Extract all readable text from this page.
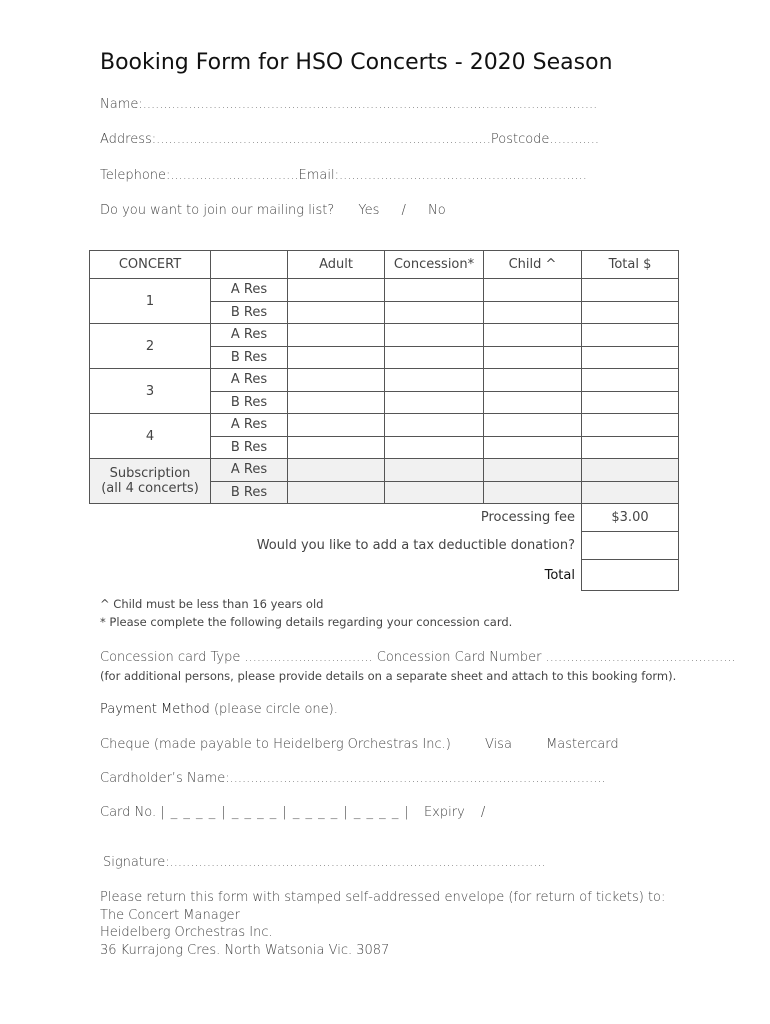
Booking Form for HSO Concerts - 2020 Season
Name:..............................................................................................................
Address:.................................................................................Postcode............
Telephone:...............................Email:............................................................
Do you want to join our mailing list? Yes / No
CONCERT		Adult	Concession*	Child ^	Total $
1	A Res				
	B Res				
2	A Res				
	B Res				
3	A Res				
	B Res				
4	A Res				
	B Res				

Subscription
(all 4 concerts)	A Res				
	B Res				
Processing fee					$3.00
Would you like to add a tax deductible donation?					
Total					
^ Child must be less than 16 years old
* Please complete the following details regarding your concession card.
Concession card Type ............................... Concession Card Number ..............................................
(for additional persons, please provide details on a separate sheet and attach to this booking form).
Payment Method (please circle one).
Cheque (made payable to Heidelberg Orchestras Inc.)	Visa	Mastercard
Cardholder’s Name:...........................................................................................
Card No. | _ _ _ _ | _ _ _ _ | _ _ _ _ | _ _ _ _ | Expiry /
Signature:...........................................................................................
Please return this form with stamped self-addressed envelope (for return of tickets) to:
The Concert Manager
Heidelberg Orchestras Inc.
36 Kurrajong Cres. North Watsonia Vic. 3087
